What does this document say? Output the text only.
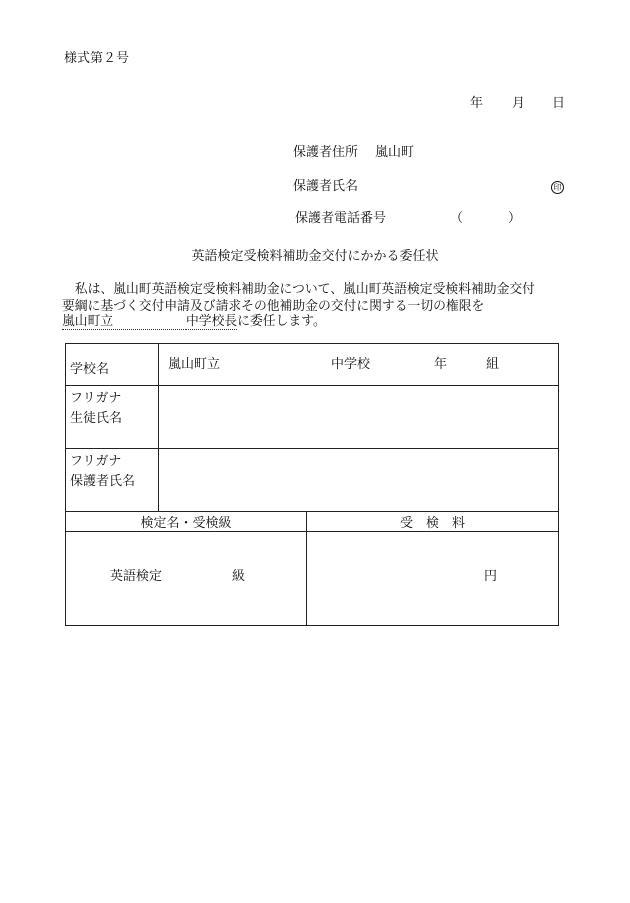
様式第２号
年 月 日
保護者住所 嵐山町
保護者氏名	印
保護者電話番号	（	）
英語検定受検料補助金交付にかかる委任状
　私は、嵐山町英語検定受検料補助金について、嵐山町英語検定受検料補助金交付
要綱に基づく交付申請及び請求その他補助金の交付に関する一切の権限を
嵐山町立	中学校長に委任します。
学校名	嵐山町立 中学校 年 組	

フリガナ
生徒氏名		

フリガナ
保護者氏名		

検定名・受検級		受　検　料

英語検定 級		円
